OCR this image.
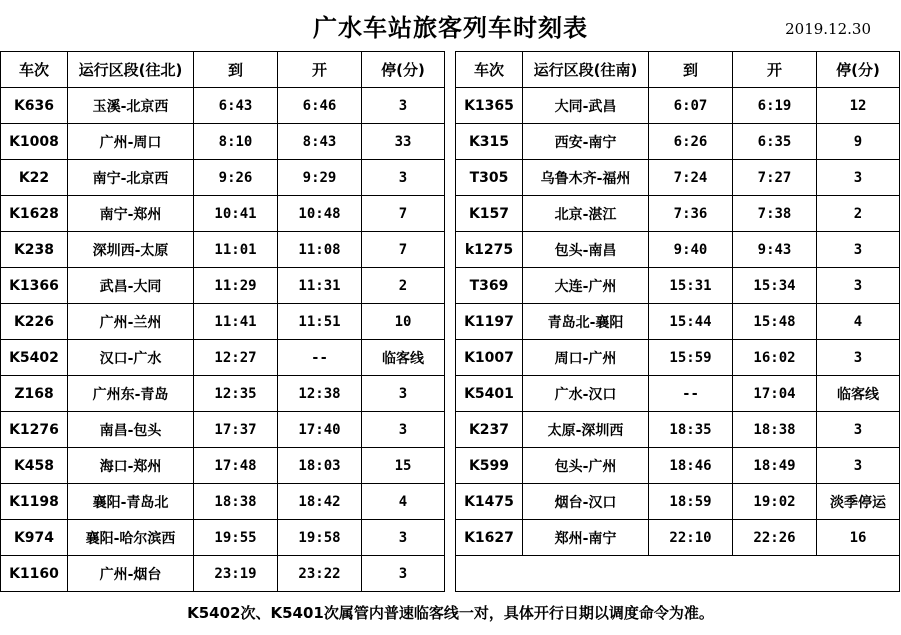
广水车站旅客列车时刻表	2019.12.30
车次	运行区段(往北)	到	开	停(分)
K636	玉溪-北京西	6:43	6:46	3
K1008	广州-周口	8:10	8:43	33
K22	南宁-北京西	9:26	9:29	3
K1628	南宁-郑州	10:41	10:48	7
K238	深圳西-太原	11:01	11:08	7
K1366	武昌-大同	11:29	11:31	2
K226	广州-兰州	11:41	11:51	10
K5402	汉口-广水	12:27	--	临客线
Z168	广州东-青岛	12:35	12:38	3
K1276	南昌-包头	17:37	17:40	3
K458	海口-郑州	17:48	18:03	15
K1198	襄阳-青岛北	18:38	18:42	4
K974	襄阳-哈尔滨西	19:55	19:58	3
K1160	广州-烟台	23:19	23:22	3
车次	运行区段(往南)	到	开	停(分)
K1365	大同-武昌	6:07	6:19	12
K315	西安-南宁	6:26	6:35	9
T305	乌鲁木齐-福州	7:24	7:27	3
K157	北京-湛江	7:36	7:38	2
k1275	包头-南昌	9:40	9:43	3
T369	大连-广州	15:31	15:34	3
K1197	青岛北-襄阳	15:44	15:48	4
K1007	周口-广州	15:59	16:02	3
K5401	广水-汉口	--	17:04	临客线
K237	太原-深圳西	18:35	18:38	3
K599	包头-广州	18:46	18:49	3
K1475	烟台-汉口	18:59	19:02	淡季停运
K1627	郑州-南宁	22:10	22:26	16

K5402次、K5401次属管内普速临客线一对，具体开行日期以调度命令为准。
